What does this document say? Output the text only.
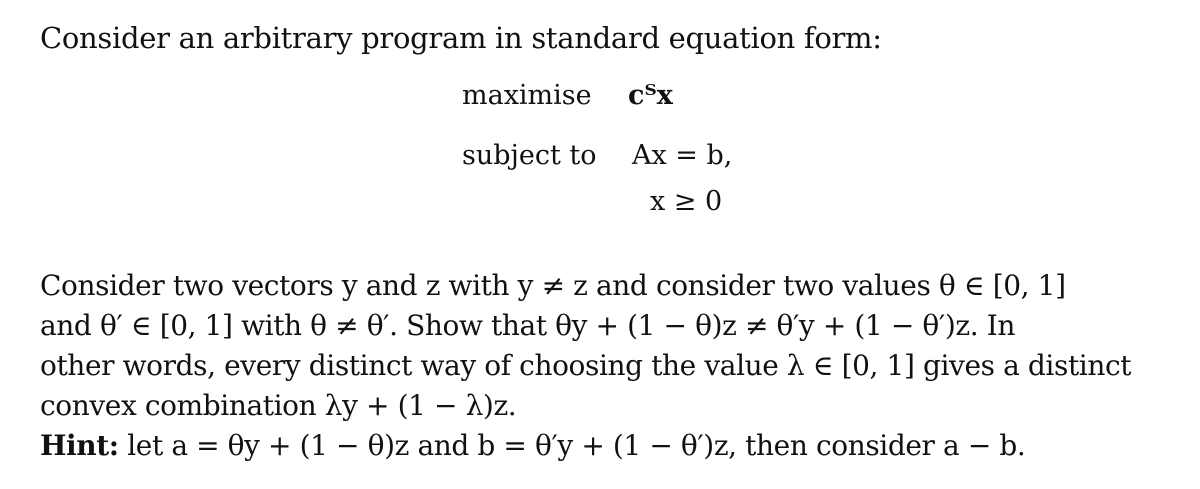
Consider an arbitrary program in standard equation form:
maximise cᵀx
subject to Ax = b,
x ≥ 0
Consider two vectors y and z with y ≠ z and consider two values θ ∈ [0, 1]
and θ′ ∈ [0, 1] with θ ≠ θ′. Show that θy + (1 − θ)z ≠ θ′y + (1 − θ′)z. In
other words, every distinct way of choosing the value λ ∈ [0, 1] gives a distinct
convex combination λy + (1 − λ)z.
Hint: let a = θy + (1 − θ)z and b = θ′y + (1 − θ′)z, then consider a − b.
